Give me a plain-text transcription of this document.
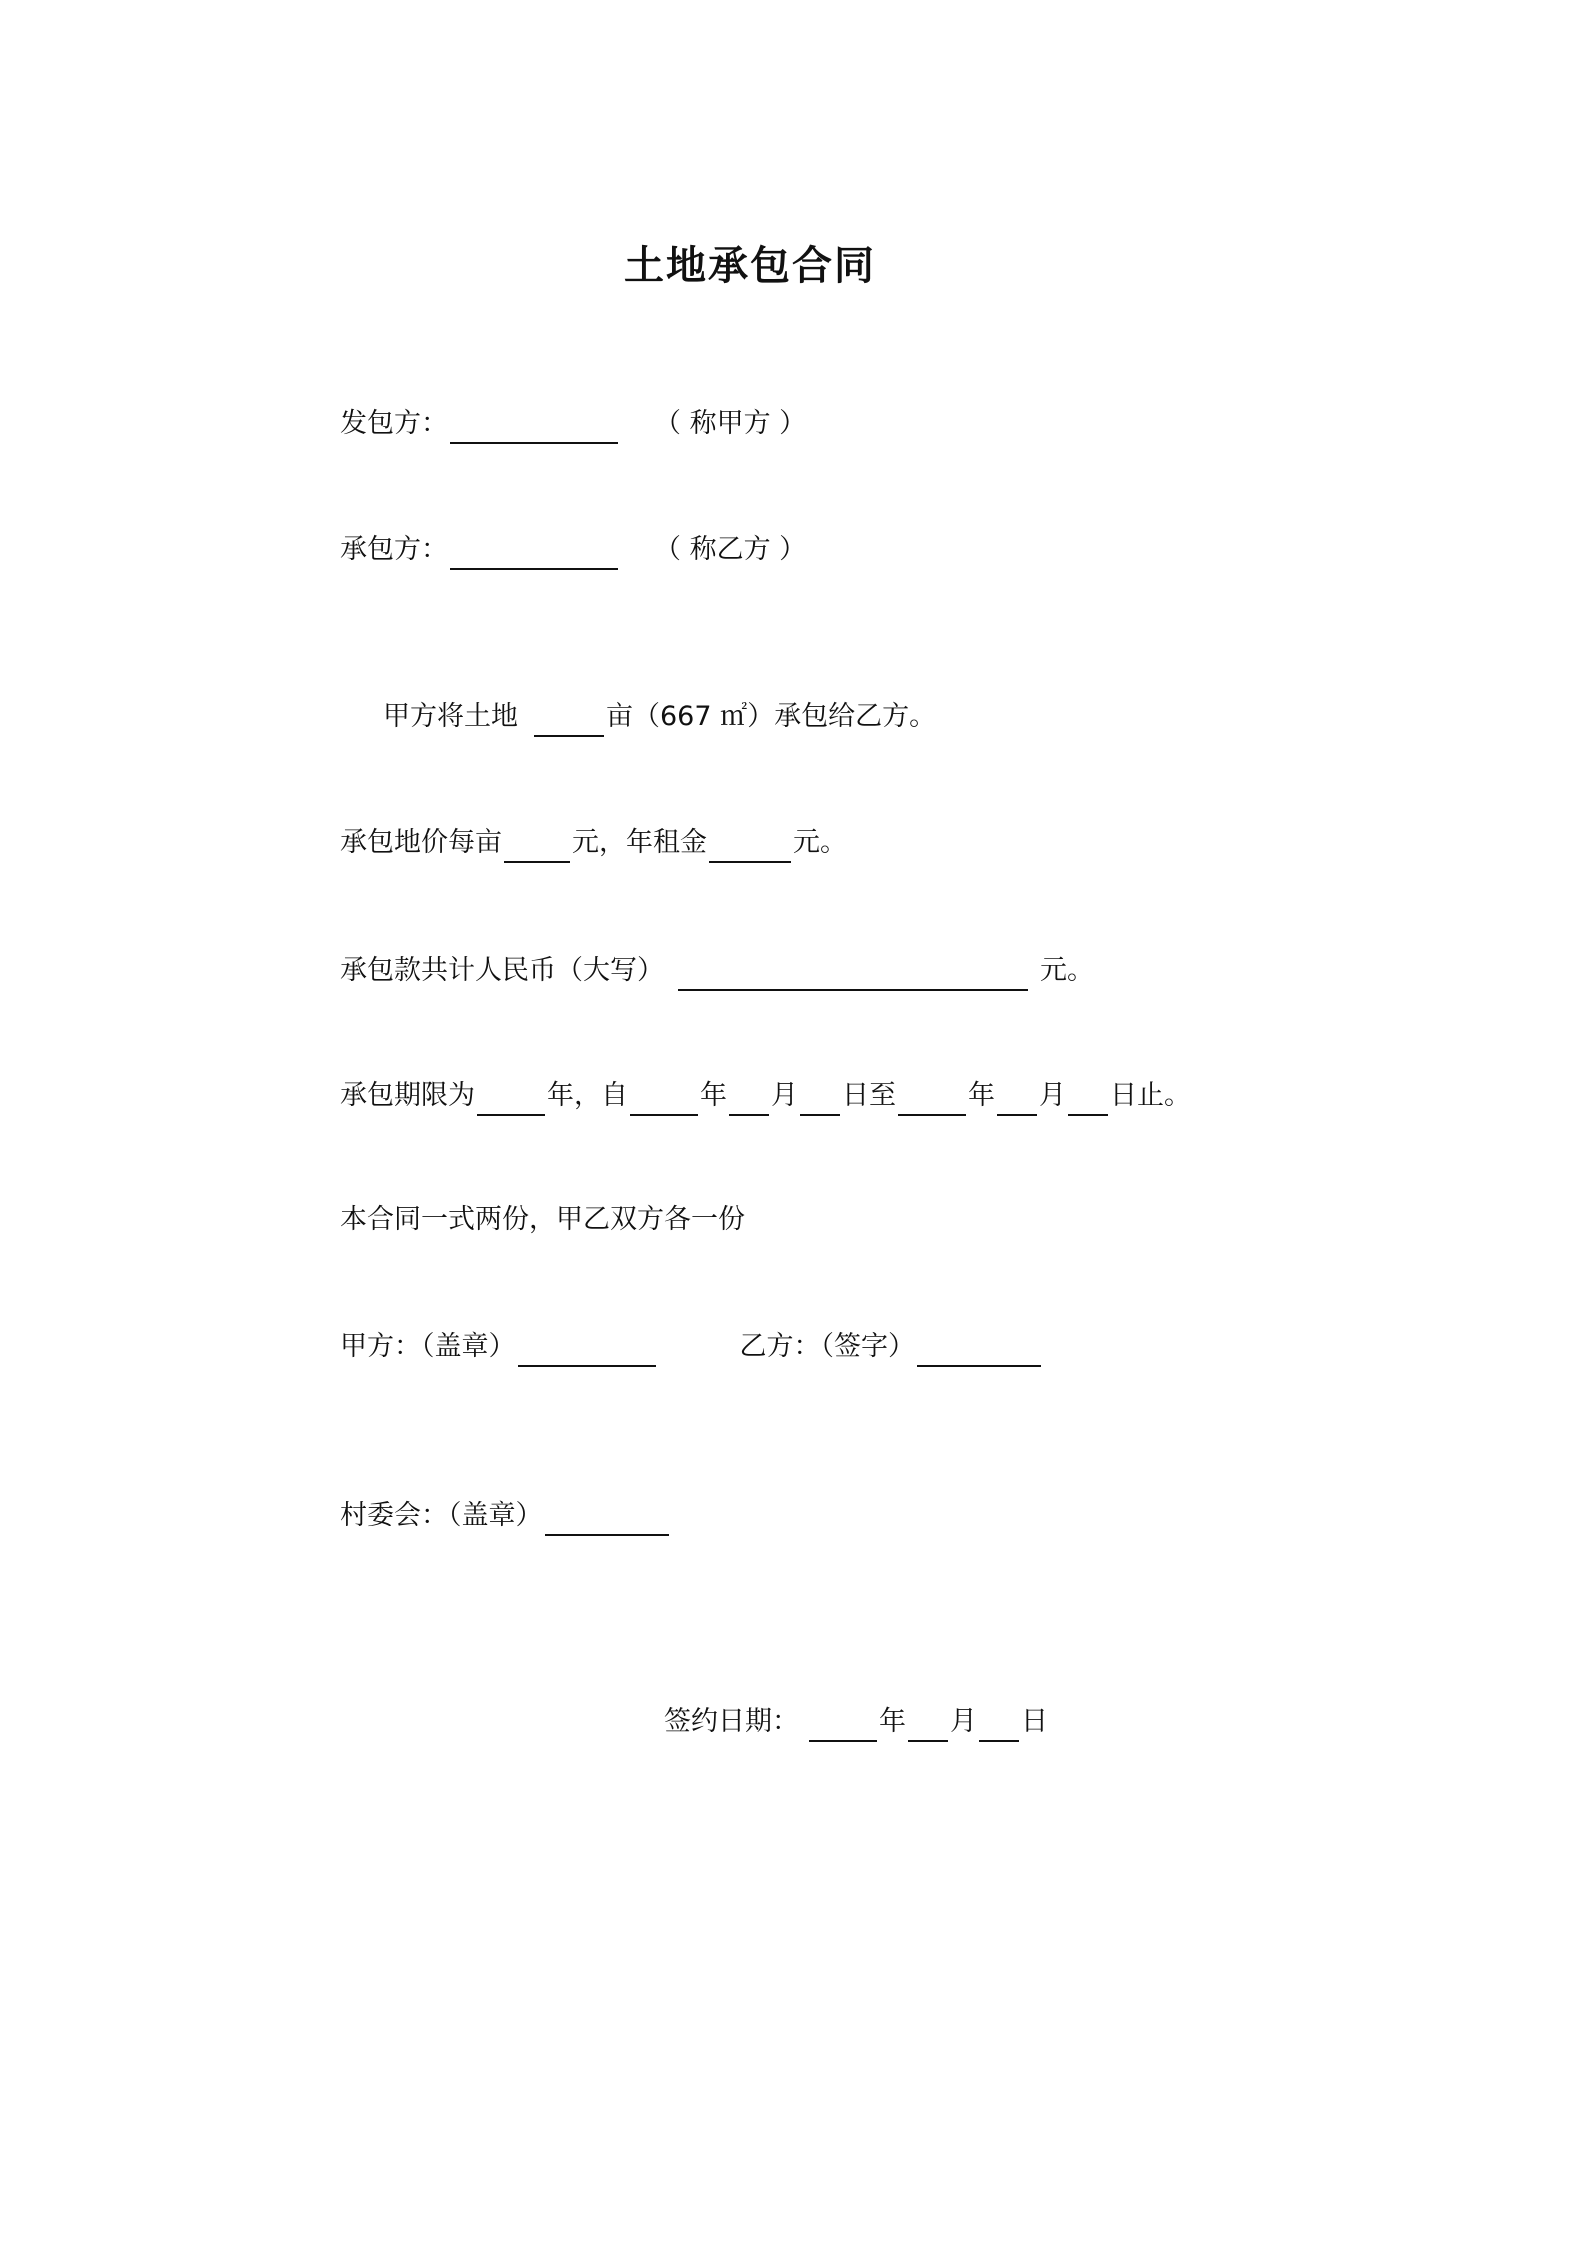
土地承包合同
发包方：	（ 称甲方 ）
承包方：	（ 称乙方 ）
甲方将土地	亩（667 ㎡）承包给乙方。
承包地价每亩	元，年租金	元。
承包款共计人民币（大写）	元。
承包期限为	年，自	年 月 日至	年 月 日止。
本合同一式两份，甲乙双方各一份
甲方：（盖章）	乙方：（签字）
村委会：（盖章）
签约日期：	年 月 日
